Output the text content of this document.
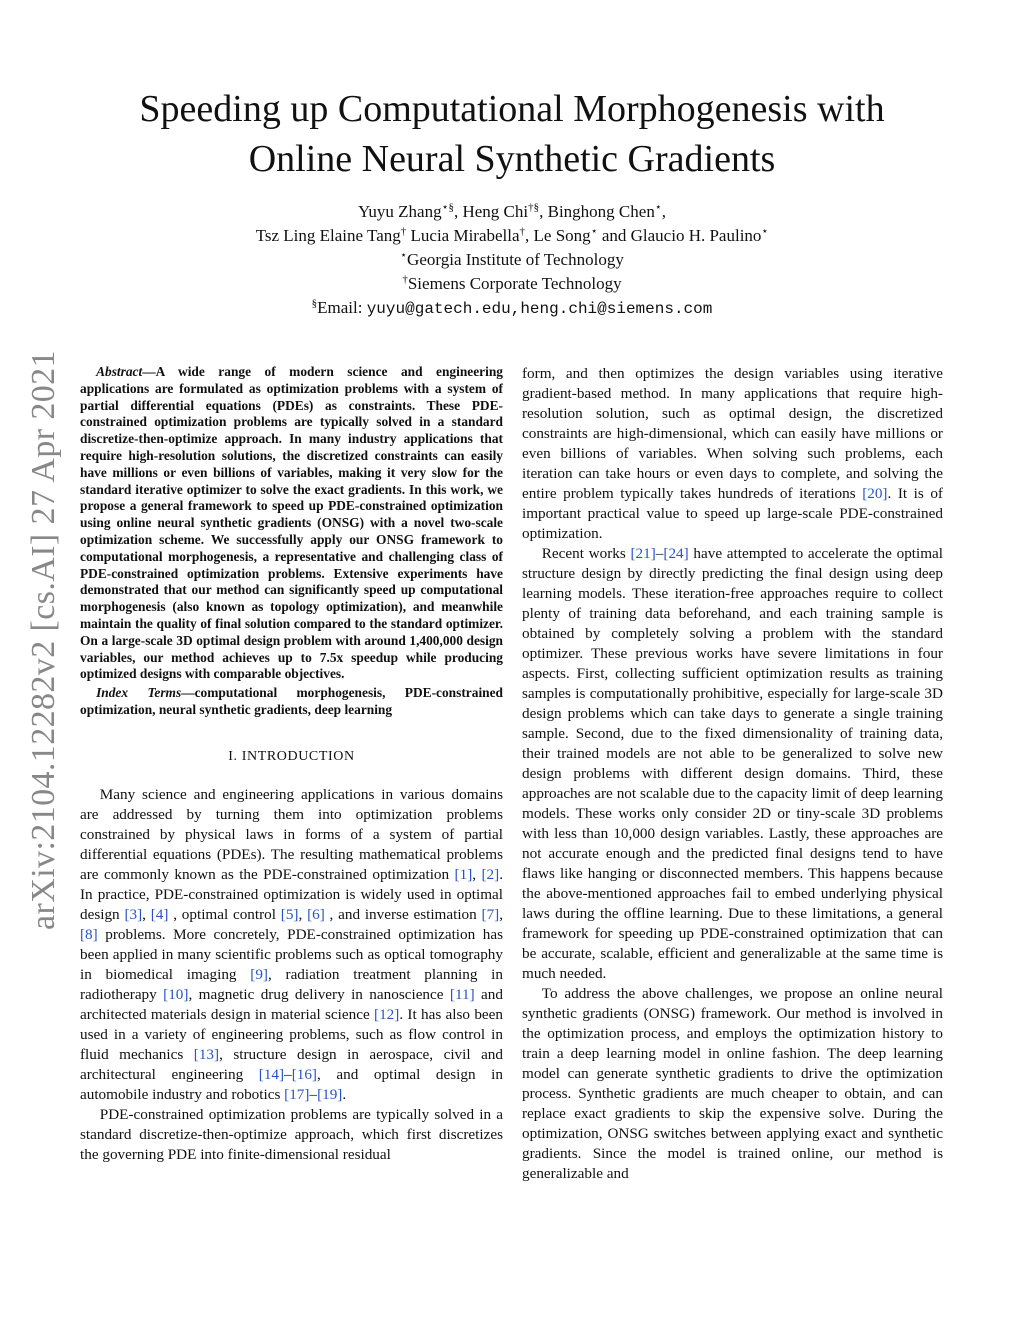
arXiv:2104.12282v2 [cs.AI] 27 Apr 2021
Speeding up Computational Morphogenesis with
Online Neural Synthetic Gradients
Yuyu Zhang⋆§, Heng Chi†§, Binghong Chen⋆,
Tsz Ling Elaine Tang† Lucia Mirabella†, Le Song⋆ and Glaucio H. Paulino⋆
⋆Georgia Institute of Technology
†Siemens Corporate Technology
§Email: yuyu@gatech.edu,heng.chi@siemens.com

Abstract—A wide range of modern science and engineering applications are formulated as optimization problems with a system of partial differential equations (PDEs) as constraints. These PDE-constrained optimization problems are typically solved in a standard discretize-then-optimize approach. In many industry applications that require high-resolution solutions, the discretized constraints can easily have millions or even billions of variables, making it very slow for the standard iterative optimizer to solve the exact gradients. In this work, we propose a general framework to speed up PDE-constrained optimization using online neural synthetic gradients (ONSG) with a novel two-scale optimization scheme. We successfully apply our ONSG framework to computational morphogenesis, a representative and challenging class of PDE-constrained optimization problems. Extensive experiments have demonstrated that our method can significantly speed up computational morphogenesis (also known as topology optimization), and meanwhile maintain the quality of final solution compared to the standard optimizer. On a large-scale 3D optimal design problem with around 1,400,000 design variables, our method achieves up to 7.5x speedup while producing optimized designs with comparable objectives.

Index Terms—computational morphogenesis, PDE-constrained optimization, neural synthetic gradients, deep learning

I. INTRODUCTION

Many science and engineering applications in various domains are addressed by turning them into optimization problems constrained by physical laws in forms of a system of partial differential equations (PDEs). The resulting mathematical problems are commonly known as the PDE-constrained optimization [1], [2]. In practice, PDE-constrained optimization is widely used in optimal design [3], [4] , optimal control [5], [6] , and inverse estimation [7], [8] problems. More concretely, PDE-constrained optimization has been applied in many scientific problems such as optical tomography in biomedical imaging [9], radiation treatment planning in radiotherapy [10], magnetic drug delivery in nanoscience [11] and architected materials design in material science [12]. It has also been used in a variety of engineering problems, such as flow control in fluid mechanics [13], structure design in aerospace, civil and architectural engineering [14]–[16], and optimal design in automobile industry and robotics [17]–[19].

PDE-constrained optimization problems are typically solved in a standard discretize-then-optimize approach, which first discretizes the governing PDE into finite-dimensional residual

form, and then optimizes the design variables using iterative gradient-based method. In many applications that require high-resolution solution, such as optimal design, the discretized constraints are high-dimensional, which can easily have millions or even billions of variables. When solving such problems, each iteration can take hours or even days to complete, and solving the entire problem typically takes hundreds of iterations [20]. It is of important practical value to speed up large-scale PDE-constrained optimization.

Recent works [21]–[24] have attempted to accelerate the optimal structure design by directly predicting the final design using deep learning models. These iteration-free approaches require to collect plenty of training data beforehand, and each training sample is obtained by completely solving a problem with the standard optimizer. These previous works have severe limitations in four aspects. First, collecting sufficient optimization results as training samples is computationally prohibitive, especially for large-scale 3D design problems which can take days to generate a single training sample. Second, due to the fixed dimensionality of training data, their trained models are not able to be generalized to solve new design problems with different design domains. Third, these approaches are not scalable due to the capacity limit of deep learning models. These works only consider 2D or tiny-scale 3D problems with less than 10,000 design variables. Lastly, these approaches are not accurate enough and the predicted final designs tend to have flaws like hanging or disconnected members. This happens because the above-mentioned approaches fail to embed underlying physical laws during the offline learning. Due to these limitations, a general framework for speeding up PDE-constrained optimization that can be accurate, scalable, efficient and generalizable at the same time is much needed.

To address the above challenges, we propose an online neural synthetic gradients (ONSG) framework. Our method is involved in the optimization process, and employs the optimization history to train a deep learning model in online fashion. The deep learning model can generate synthetic gradients to drive the optimization process. Synthetic gradients are much cheaper to obtain, and can replace exact gradients to skip the expensive solve. During the optimization, ONSG switches between applying exact and synthetic gradients. Since the model is trained online, our method is generalizable and
